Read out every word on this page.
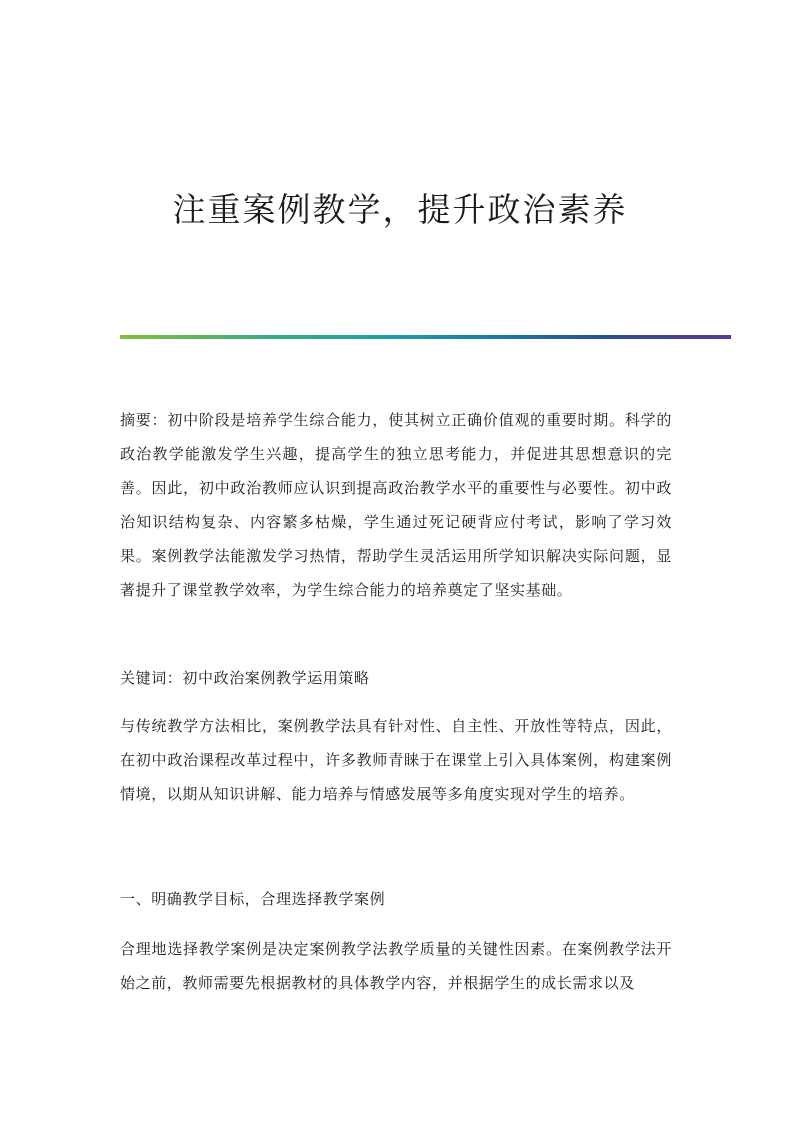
注重案例教学，提升政治素养

摘要：初中阶段是培养学生综合能力，使其树立正确价值观的重要时期。科学的政治教学能激发学生兴趣，提高学生的独立思考能力，并促进其思想意识的完善。因此，初中政治教师应认识到提高政治教学水平的重要性与必要性。初中政治知识结构复杂、内容繁多枯燥，学生通过死记硬背应付考试，影响了学习效果。案例教学法能激发学习热情，帮助学生灵活运用所学知识解决实际问题，显著提升了课堂教学效率，为学生综合能力的培养奠定了坚实基础。

关键词：初中政治案例教学运用策略

与传统教学方法相比，案例教学法具有针对性、自主性、开放性等特点，因此，在初中政治课程改革过程中，许多教师青睐于在课堂上引入具体案例，构建案例情境，以期从知识讲解、能力培养与情感发展等多角度实现对学生的培养。

一、明确教学目标，合理选择教学案例

合理地选择教学案例是决定案例教学法教学质量的关键性因素。在案例教学法开始之前，教师需要先根据教材的具体教学内容，并根据学生的成长需求以及
